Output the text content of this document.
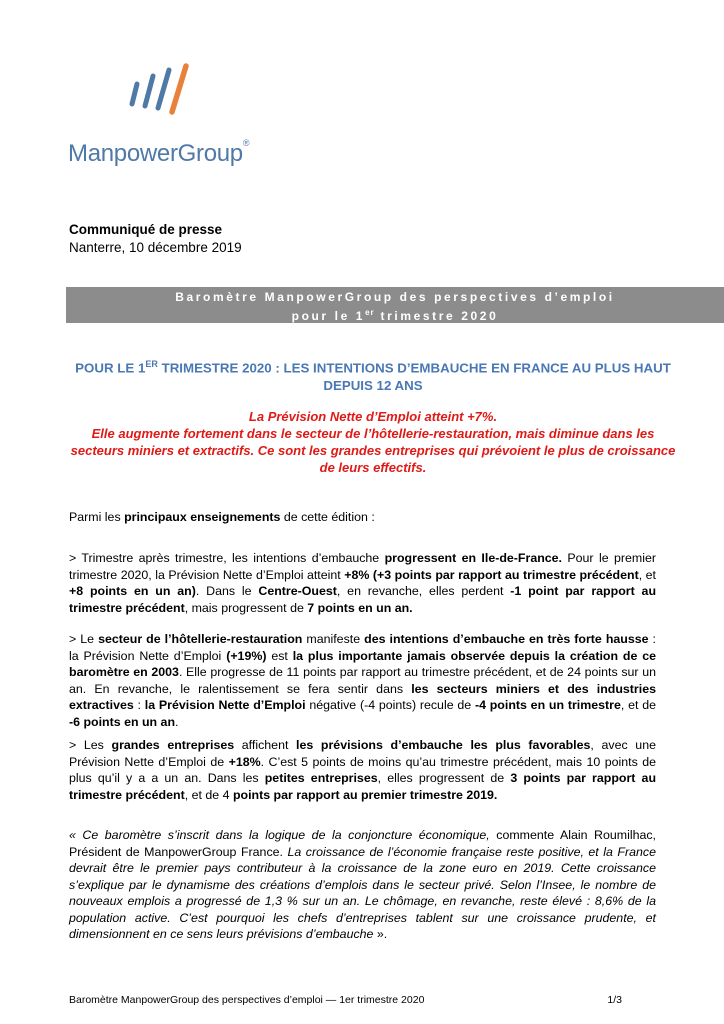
ManpowerGroup®
Communiqué de presse
Nanterre, 10 décembre 2019
Baromètre ManpowerGroup des perspectives d’emploi
pour le 1er trimestre 2020
POUR LE 1ER TRIMESTRE 2020 : LES INTENTIONS D’EMBAUCHE EN FRANCE AU PLUS HAUT DEPUIS 12 ANS
La Prévision Nette d’Emploi atteint +7%.
Elle augmente fortement dans le secteur de l’hôtellerie-restauration, mais diminue dans les secteurs miniers et extractifs. Ce sont les grandes entreprises qui prévoient le plus de croissance de leurs effectifs.
Parmi les principaux enseignements de cette édition :
> Trimestre après trimestre, les intentions d’embauche progressent en Ile-de-France. Pour le premier trimestre 2020, la Prévision Nette d’Emploi atteint +8% (+3 points par rapport au trimestre précédent, et +8 points en un an). Dans le Centre-Ouest, en revanche, elles perdent -1 point par rapport au trimestre précédent, mais progressent de 7 points en un an.
> Le secteur de l’hôtellerie-restauration manifeste des intentions d’embauche en très forte hausse : la Prévision Nette d’Emploi (+19%) est la plus importante jamais observée depuis la création de ce baromètre en 2003. Elle progresse de 11 points par rapport au trimestre précédent, et de 24 points sur un an. En revanche, le ralentissement se fera sentir dans les secteurs miniers et des industries extractives : la Prévision Nette d’Emploi négative (-4 points) recule de -4 points en un trimestre, et de -6 points en un an.
> Les grandes entreprises affichent les prévisions d’embauche les plus favorables, avec une Prévision Nette d’Emploi de +18%. C’est 5 points de moins qu’au trimestre précédent, mais 10 points de plus qu’il y a a un an. Dans les petites entreprises, elles progressent de 3 points par rapport au trimestre précédent, et de 4 points par rapport au premier trimestre 2019.
« Ce baromètre s’inscrit dans la logique de la conjoncture économique, commente Alain Roumilhac, Président de ManpowerGroup France. La croissance de l’économie française reste positive, et la France devrait être le premier pays contributeur à la croissance de la zone euro en 2019. Cette croissance s’explique par le dynamisme des créations d’emplois dans le secteur privé. Selon l’Insee, le nombre de nouveaux emplois a progressé de 1,3 % sur un an. Le chômage, en revanche, reste élevé : 8,6% de la population active. C’est pourquoi les chefs d’entreprises tablent sur une croissance prudente, et dimensionnent en ce sens leurs prévisions d’embauche ».
Baromètre ManpowerGroup des perspectives d’emploi — 1er trimestre 2020	1/3
